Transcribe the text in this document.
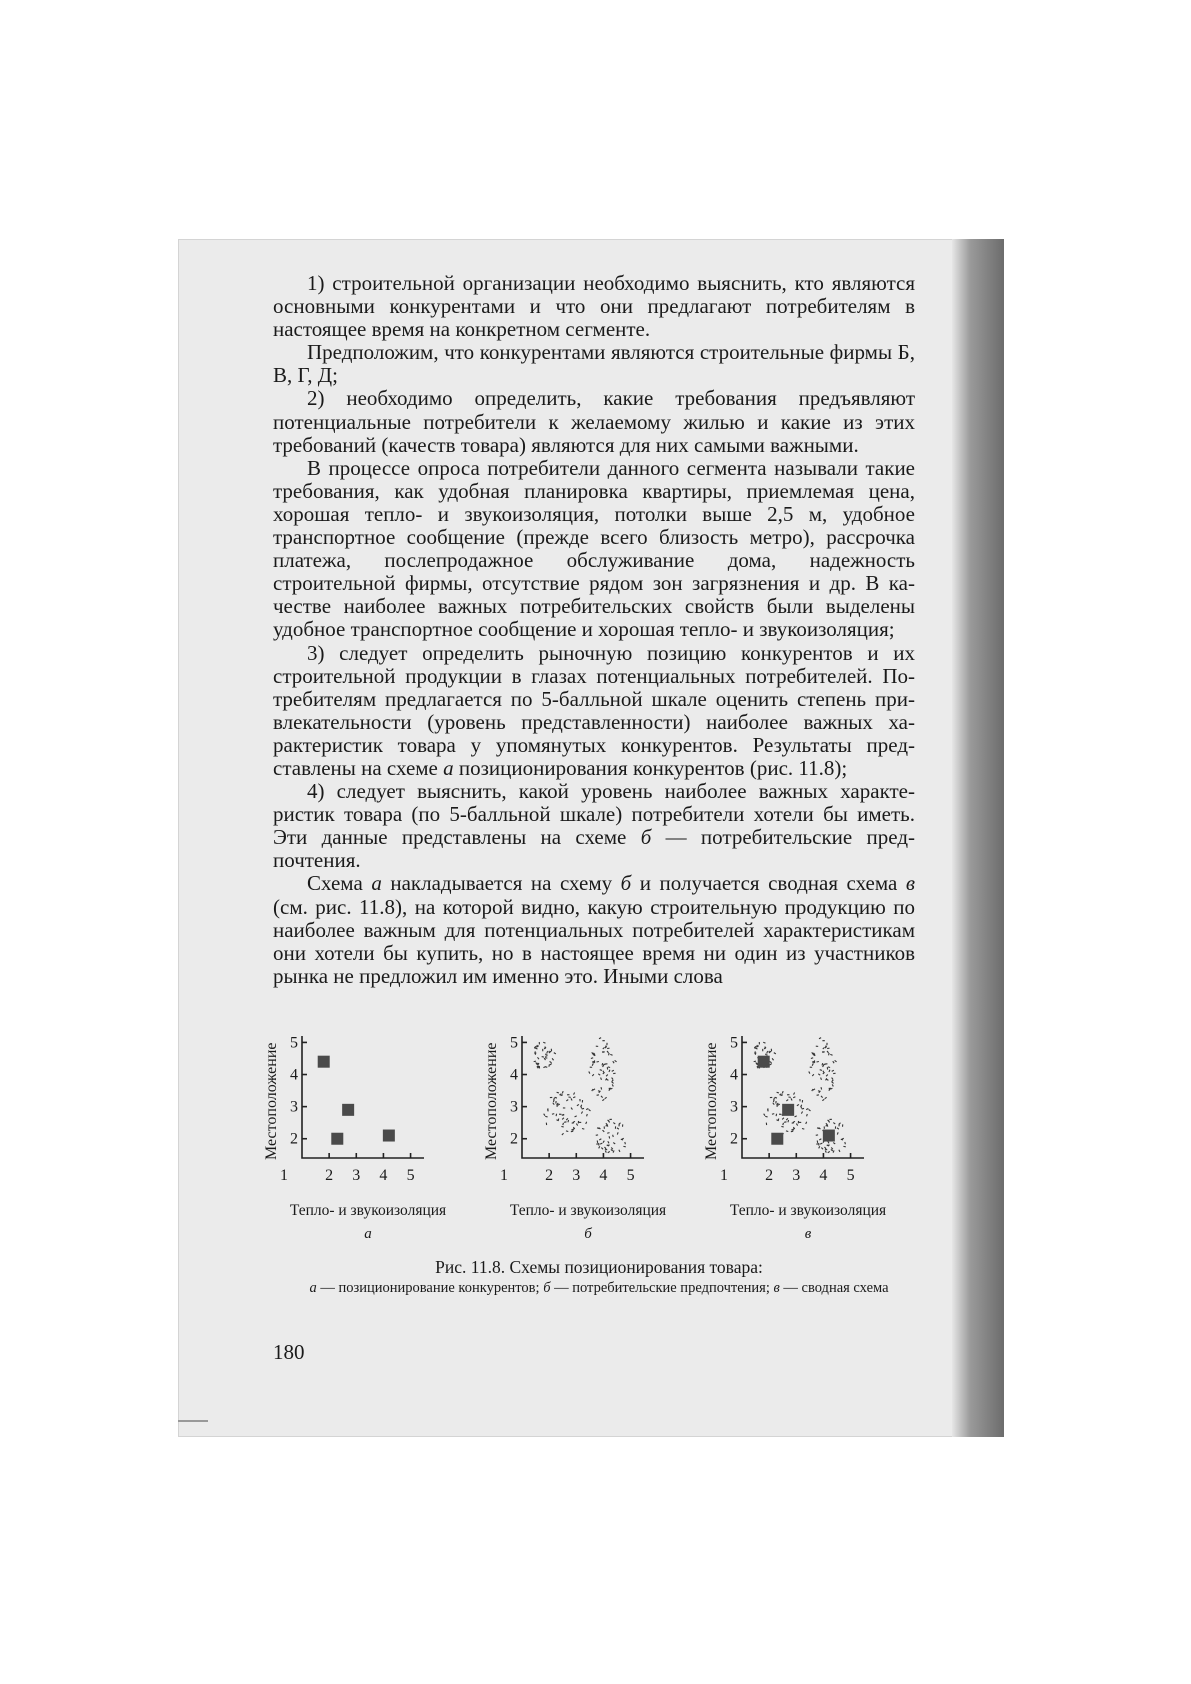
1) строительной организации необходимо выяснить, кто являются основными конкурентами и что они предлагают потребителям в настоящее время на конкретном сегменте.

Предположим, что конкурентами являются строительные фирмы Б, В, Г, Д;

2) необходимо определить, какие требования предъявляют потенциальные потребители к желаемому жилью и какие из этих требований (качеств товара) являются для них самыми важными.

В процессе опроса потребители данного сегмента называли такие требования, как удобная планировка квартиры, приемлемая цена, хорошая тепло- и звукоизоляция, потолки выше 2,5 м, удобное транспортное сообщение (прежде всего близость метро), рассрочка платежа, послепродажное обслуживание дома, надежность строительной фирмы, отсутствие рядом зон загрязнения и др. В качестве наиболее важных потребительских свойств были выделены удобное транспортное сообщение и хорошая тепло- и звукоизоляция;

3) следует определить рыночную позицию конкурентов и их строительной продукции в глазах потенциальных потребителей. Потребителям предлагается по 5-балльной шкале оценить степень привлекательности (уровень представленности) наиболее важных характеристик товара у упомянутых конкурентов. Результаты представлены на схеме а позиционирования конкурентов (рис. 11.8);

4) следует выяснить, какой уровень наиболее важных характеристик товара (по 5-балльной шкале) потребители хотели бы иметь. Эти данные представлены на схеме б — потребительские предпочтения.

Схема а накладывается на схему б и получается сводная схема в (см. рис. 11.8), на которой видно, какую строительную продукцию по наиболее важным для потенциальных потребителей характеристикам они хотели бы купить, но в настоящее время ни один из участников рынка не предложил им именно это. Иными слова

2
3
4
5
1 2 3 4 5
Местоположение
Тепло- и звукоизоляция
а
2
3
4
5
1 2 3 4 5
Местоположение
Тепло- и звукоизоляция
б
2
3
4
5
1 2 3 4 5
Местоположение
Тепло- и звукоизоляция
в
Рис. 11.8. Схемы позиционирования товара:
а — позиционирование конкурентов; б — потребительские предпочтения; в — сводная схема
180
